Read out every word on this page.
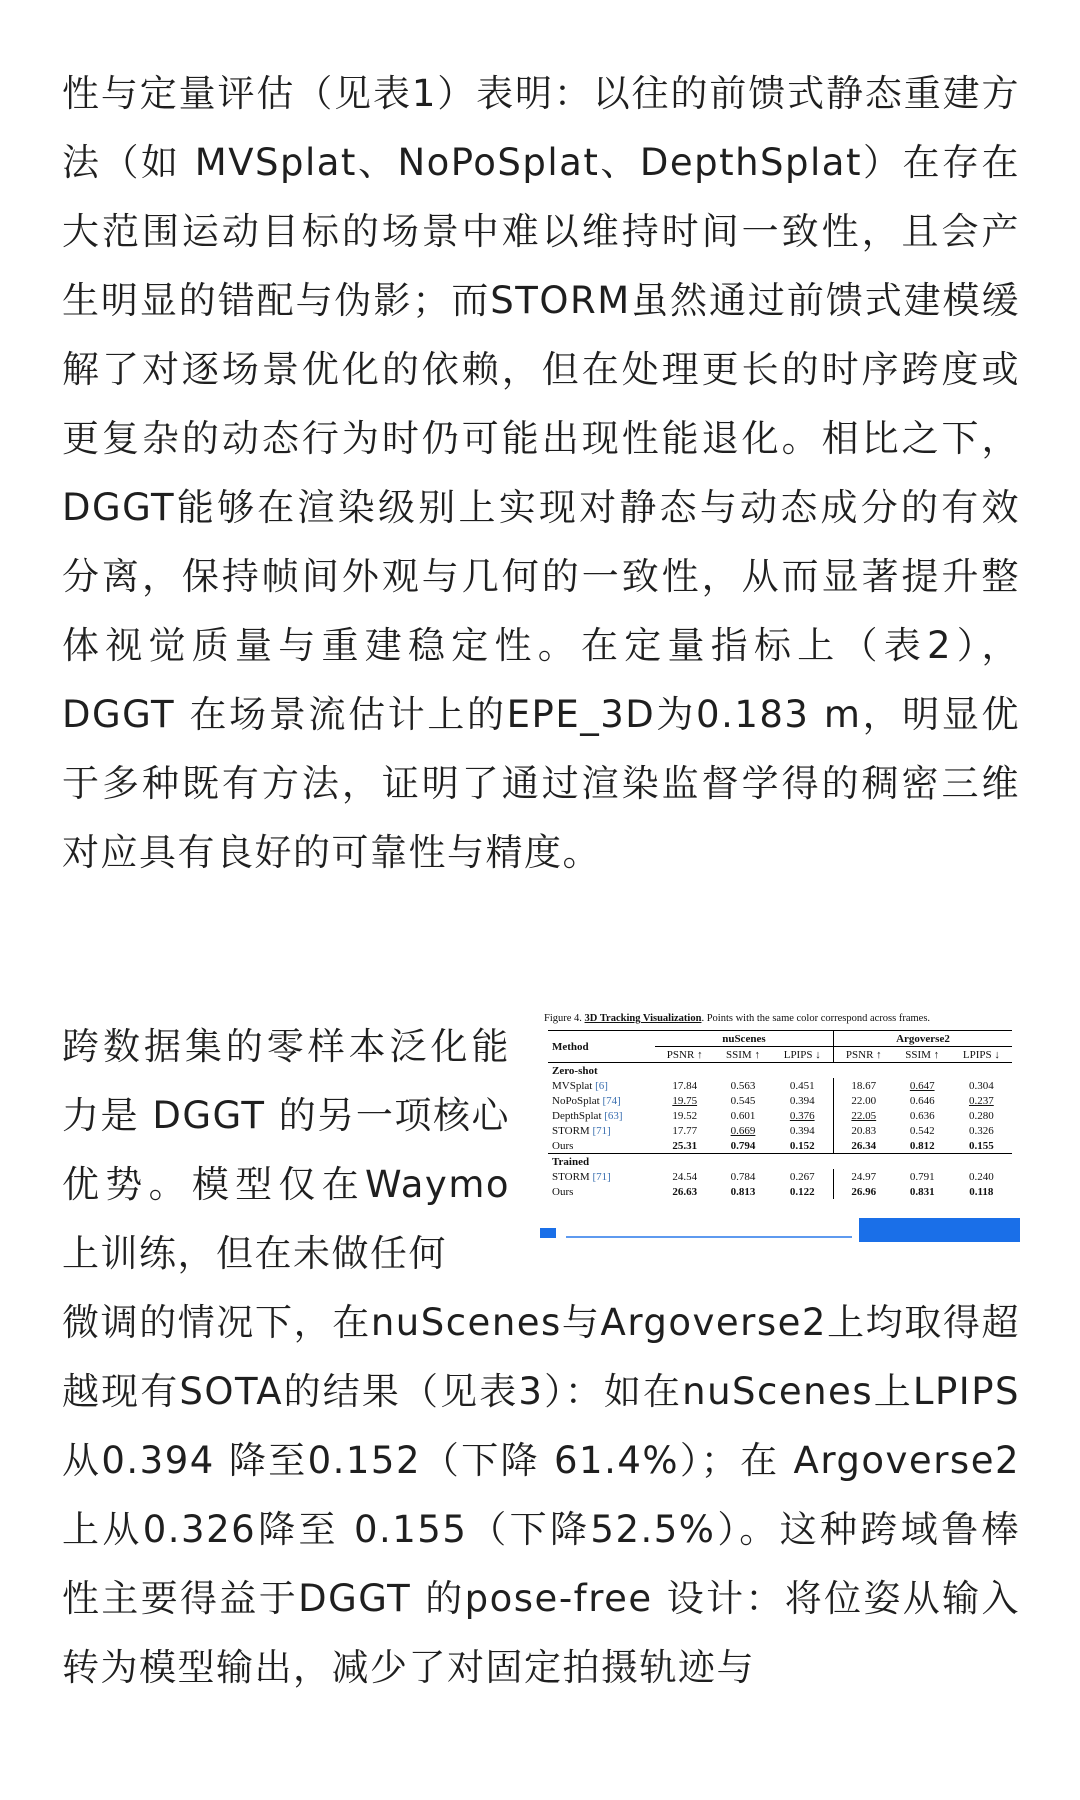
性与定量评估（见表1）表明：以往的前馈式静态重建方法（如 MVSplat、NoPoSplat、DepthSplat）在存在大范围运动目标的场景中难以维持时间一致性，且会产生明显的错配与伪影；而STORM虽然通过前馈式建模缓解了对逐场景优化的依赖，但在处理更长的时序跨度或更复杂的动态行为时仍可能出现性能退化。相比之下，DGGT能够在渲染级别上实现对静态与动态成分的有效分离，保持帧间外观与几何的一致性，从而显著提升整体视觉质量与重建稳定性。在定量指标上（表2），DGGT 在场景流估计上的EPE_3D为0.183 m，明显优于多种既有方法，证明了通过渲染监督学得的稠密三维对应具有良好的可靠性与精度。

跨数据集的零样本泛化能力是 DGGT 的另一项核心优势。模型仅在Waymo上训练，但在未做任何

Figure 4. 3D Tracking Visualization. Points with the same color correspond across frames.

Method	nuScenes			Argoverse2		
	PSNR ↑	SSIM ↑	LPIPS ↓	PSNR ↑	SSIM ↑	LPIPS ↓
Zero-shot						
MVSplat [6]	17.84	0.563	0.451	18.67	0.647	0.304
NoPoSplat [74]	19.75	0.545	0.394	22.00	0.646	0.237
DepthSplat [63]	19.52	0.601	0.376	22.05	0.636	0.280
STORM [71]	17.77	0.669	0.394	20.83	0.542	0.326
Ours	25.31	0.794	0.152	26.34	0.812	0.155
Trained						
STORM [71]	24.54	0.784	0.267	24.97	0.791	0.240
Ours	26.63	0.813	0.122	26.96	0.831	0.118

微调的情况下，在nuScenes与Argoverse2上均取得超越现有SOTA的结果（见表3）：如在nuScenes上LPIPS从0.394 降至0.152（下降 61.4%）；在 Argoverse2上从0.326降至 0.155（下降52.5%）。这种跨域鲁棒性主要得益于DGGT 的pose-free 设计：将位姿从输入转为模型输出，减少了对固定拍摄轨迹与
